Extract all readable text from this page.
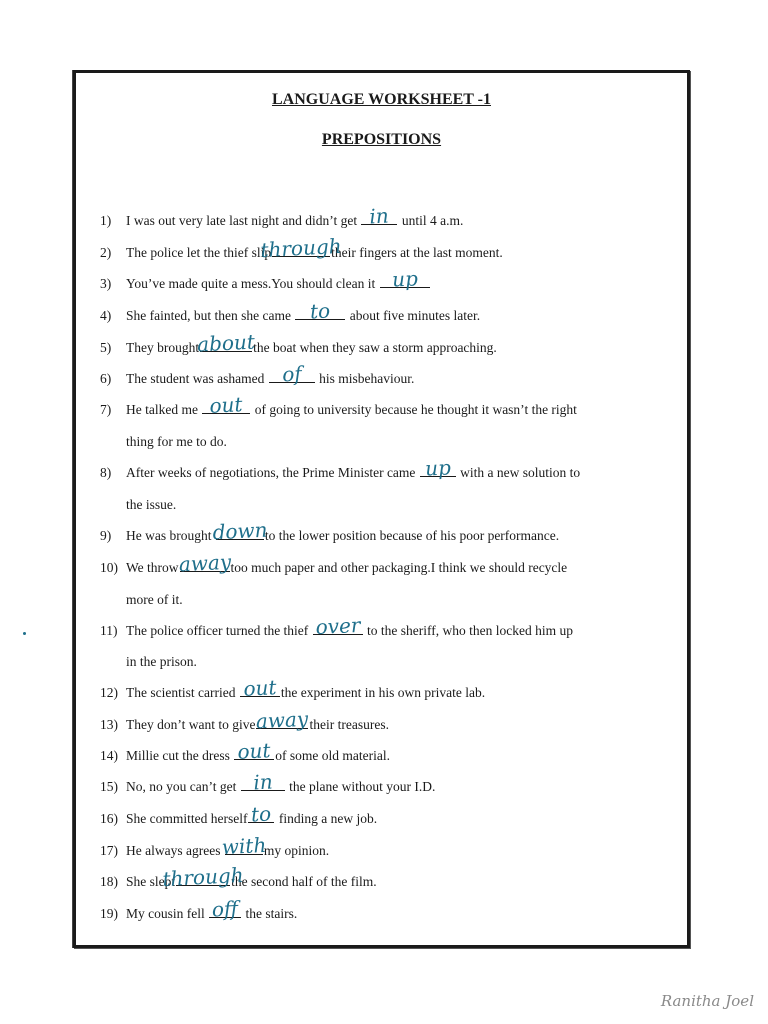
LANGUAGE WORKSHEET -1
PREPOSITIONS
1)	I was out very late last night and didn’t get
in
until 4 a.m.
2)	The police let the thief slip
through
their fingers at the last moment.
3)	You’ve made quite a mess.You should clean it
up
4)	She fainted, but then she came
to
about five minutes later.
5)	They brought
about
the boat when they saw a storm approaching.
6)	The student was ashamed
of
his misbehaviour.
7)	He talked me
out
of going to university because he thought it wasn’t the right
thing for me to do.
8)	After weeks of negotiations, the Prime Minister came
up
with a new solution to
the issue.
9)	He was brought
down
to the lower position because of his poor performance.
10) We throw away too much paper and other packaging.I think we should recycle
more of it.
11) The police officer turned the thief
over
to the sheriff, who then locked him up
in the prison.
12) The scientist carried
out the experiment in his own private lab.
13) They don’t want to give away their treasures.
14) Millie cut the dress
out of some old material.
15) No, no you can’t get
in
the plane without your I.D.
16) She committed herself to
finding a new job.
17) He always agrees
with
my opinion.
18) She slept
through
the second half of the film.
19) My cousin fell
off
the stairs.
Ranitha Joel
